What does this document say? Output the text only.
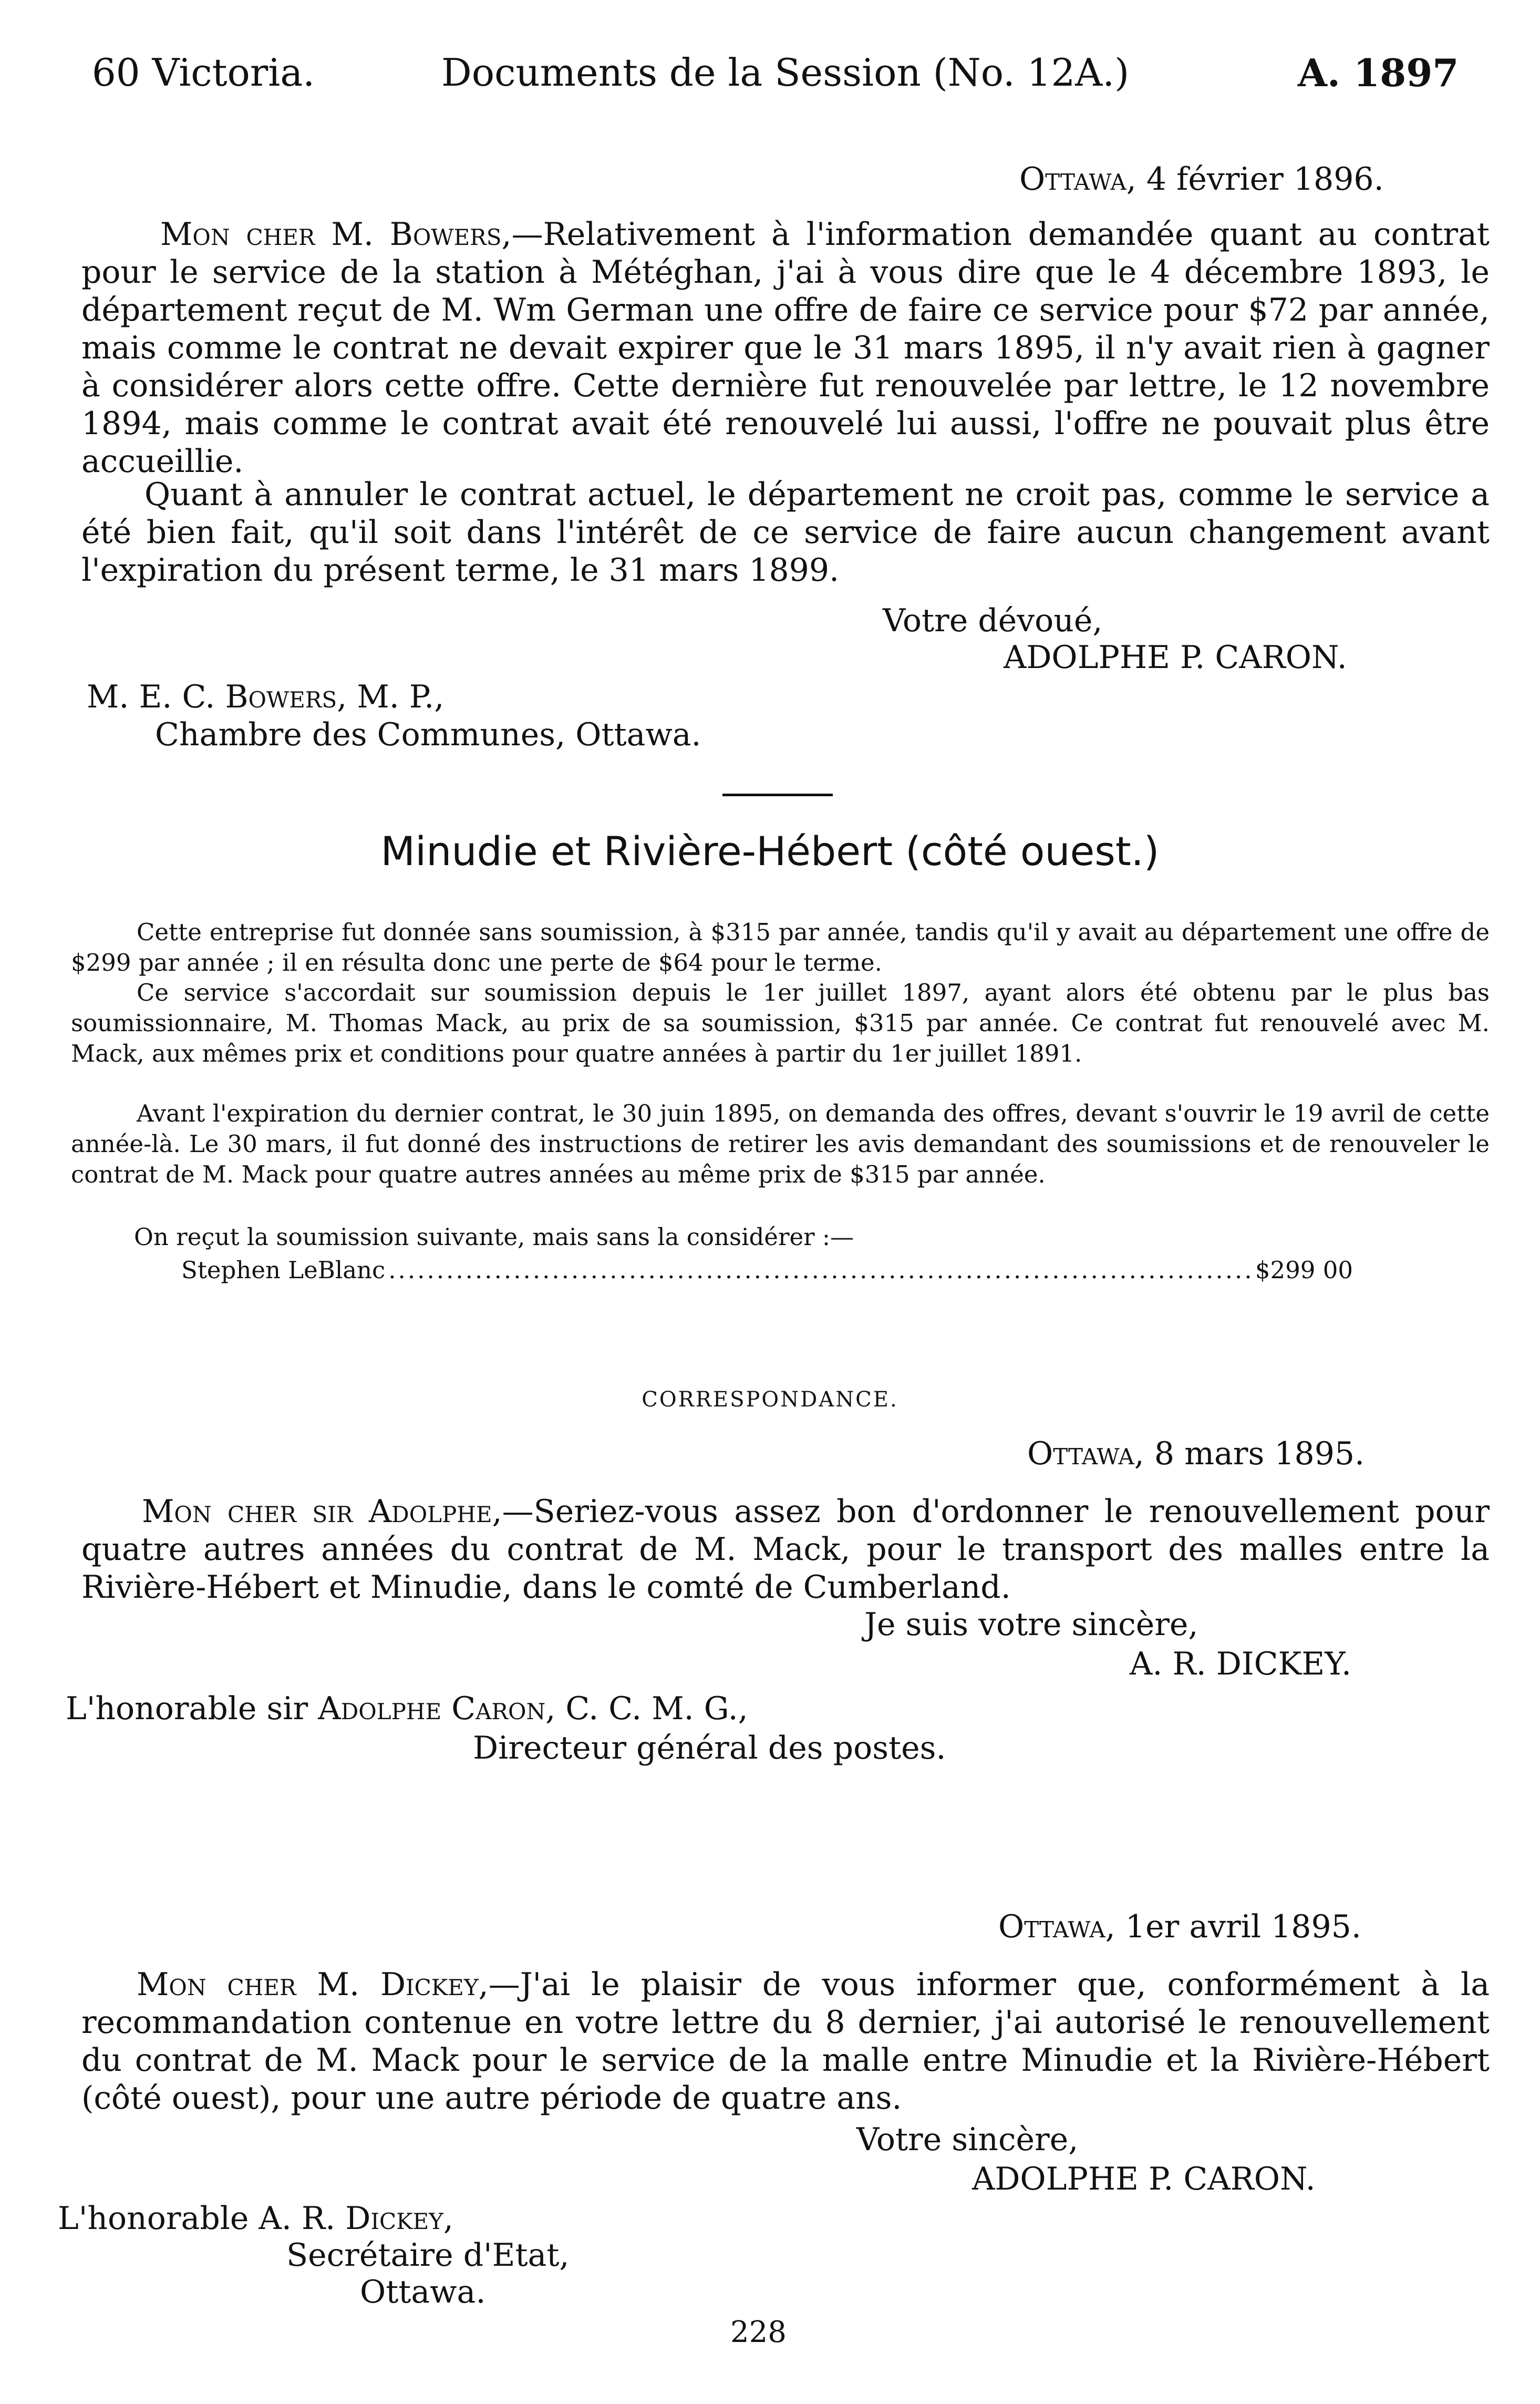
60 Victoria.	Documents de la Session (No. 12A.)	A. 1897
Ottawa, 4 février 1896.
Mon cher M. Bowers,—Relativement à l'information demandée quant au contrat pour le service de la station à Météghan, j'ai à vous dire que le 4 décembre 1893, le département reçut de M. Wm German une offre de faire ce service pour $72 par année, mais comme le contrat ne devait expirer que le 31 mars 1895, il n'y avait rien à gagner à considérer alors cette offre. Cette dernière fut renouvelée par lettre, le 12 novembre 1894, mais comme le contrat avait été renouvelé lui aussi, l'offre ne pouvait plus être accueillie.
Quant à annuler le contrat actuel, le département ne croit pas, comme le service a été bien fait, qu'il soit dans l'intérêt de ce service de faire aucun changement avant l'expiration du présent terme, le 31 mars 1899.
Votre dévoué,
ADOLPHE P. CARON.
M. E. C. Bowers, M. P.,
Chambre des Communes, Ottawa.
Minudie et Rivière-Hébert (côté ouest.)
Cette entreprise fut donnée sans soumission, à $315 par année, tandis qu'il y avait au département une offre de $299 par année ; il en résulta donc une perte de $64 pour le terme.
Ce service s'accordait sur soumission depuis le 1er juillet 1897, ayant alors été obtenu par le plus bas soumissionnaire, M. Thomas Mack, au prix de sa soumission, $315 par année. Ce contrat fut renouvelé avec M. Mack, aux mêmes prix et conditions pour quatre années à partir du 1er juillet 1891.
Avant l'expiration du dernier contrat, le 30 juin 1895, on demanda des offres, devant s'ouvrir le 19 avril de cette année-là. Le 30 mars, il fut donné des instructions de retirer les avis demandant des soumissions et de renouveler le contrat de M. Mack pour quatre autres années au même prix de $315 par année.
On reçut la soumission suivante, mais sans la considérer :—
Stephen LeBlanc
.....	$299 00
CORRESPONDANCE.
Ottawa, 8 mars 1895.
Mon cher sir Adolphe,—Seriez-vous assez bon d'ordonner le renouvellement pour quatre autres années du contrat de M. Mack, pour le transport des malles entre la Rivière-Hébert et Minudie, dans le comté de Cumberland.
Je suis votre sincère,
A. R. DICKEY.
L'honorable sir Adolphe Caron, C. C. M. G.,
Directeur général des postes.
Ottawa, 1er avril 1895.
Mon cher M. Dickey,—J'ai le plaisir de vous informer que, conformément à la recommandation contenue en votre lettre du 8 dernier, j'ai autorisé le renouvellement du contrat de M. Mack pour le service de la malle entre Minudie et la Rivière-Hébert (côté ouest), pour une autre période de quatre ans.
Votre sincère,
ADOLPHE P. CARON.
L'honorable A. R. Dickey,
Secrétaire d'Etat,
Ottawa.
228
